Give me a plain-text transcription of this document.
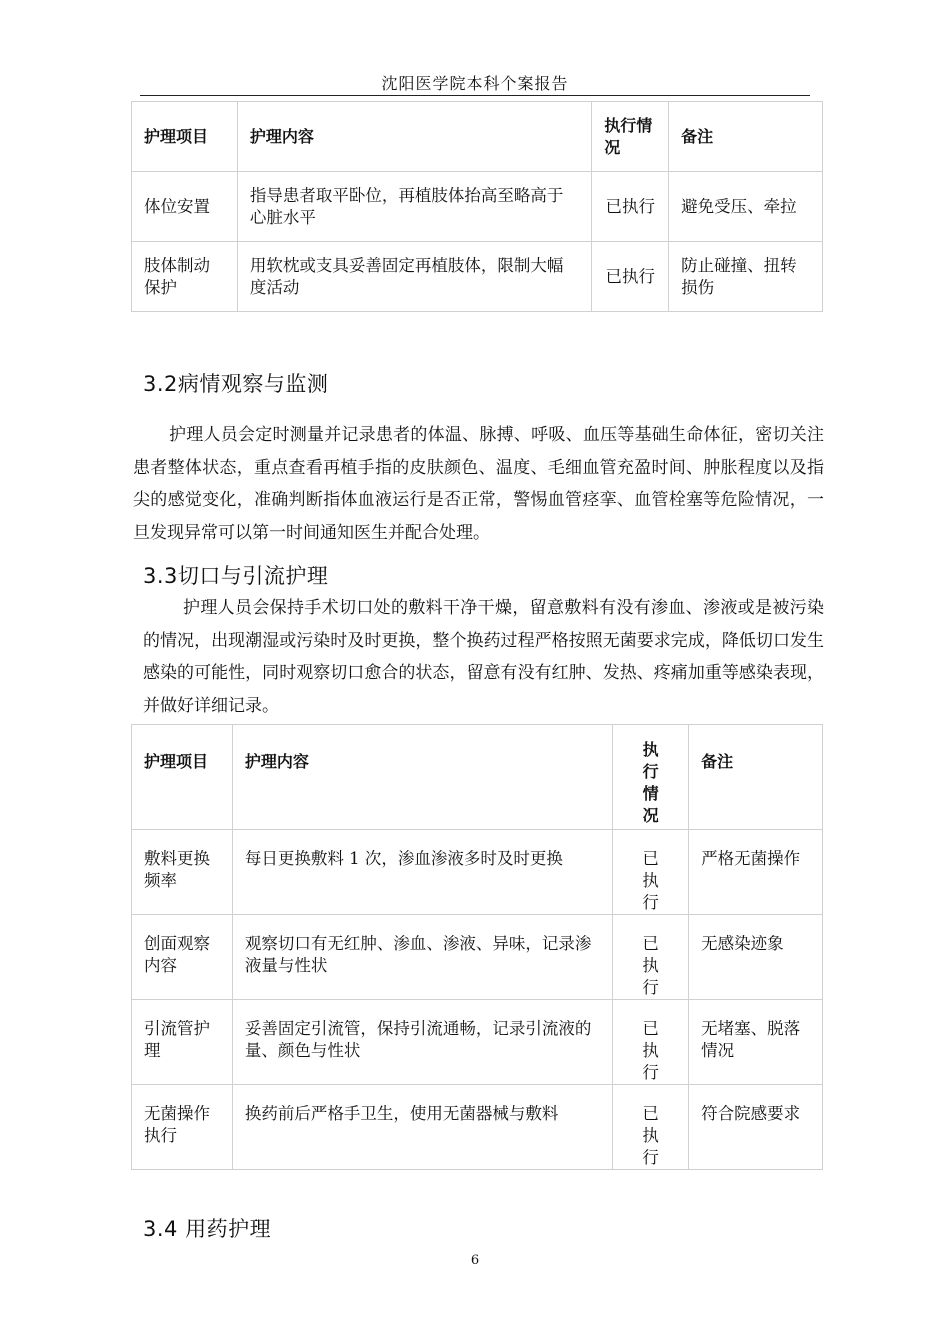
沈阳医学院本科个案报告
护理项目	护理内容	执行情况	备注
体位安置	指导患者取平卧位，再植肢体抬高至略高于心脏水平	已执行	避免受压、牵拉
肢体制动保护	用软枕或支具妥善固定再植肢体，限制大幅度活动	已执行	防止碰撞、扭转损伤
3.2病情观察与监测

护理人员会定时测量并记录患者的体温、脉搏、呼吸、血压等基础生命体征，密切关注患者整体状态，重点查看再植手指的皮肤颜色、温度、毛细血管充盈时间、肿胀程度以及指尖的感觉变化，准确判断指体血液运行是否正常，警惕血管痉挛、血管栓塞等危险情况，一旦发现异常可以第一时间通知医生并配合处理。

3.3切口与引流护理

护理人员会保持手术切口处的敷料干净干燥，留意敷料有没有渗血、渗液或是被污染的情况，出现潮湿或污染时及时更换，整个换药过程严格按照无菌要求完成，降低切口发生感染的可能性，同时观察切口愈合的状态，留意有没有红肿、发热、疼痛加重等感染表现，并做好详细记录。

护理项目	护理内容	执行情况	备注
敷料更换频率	每日更换敷料 1 次，渗血渗液多时及时更换	已执行	严格无菌操作
创面观察内容	观察切口有无红肿、渗血、渗液、异味，记录渗液量与性状	已执行	无感染迹象
引流管护理	妥善固定引流管，保持引流通畅，记录引流液的量、颜色与性状	已执行	无堵塞、脱落情况
无菌操作执行	换药前后严格手卫生，使用无菌器械与敷料	已执行	符合院感要求
3.4 用药护理
6
